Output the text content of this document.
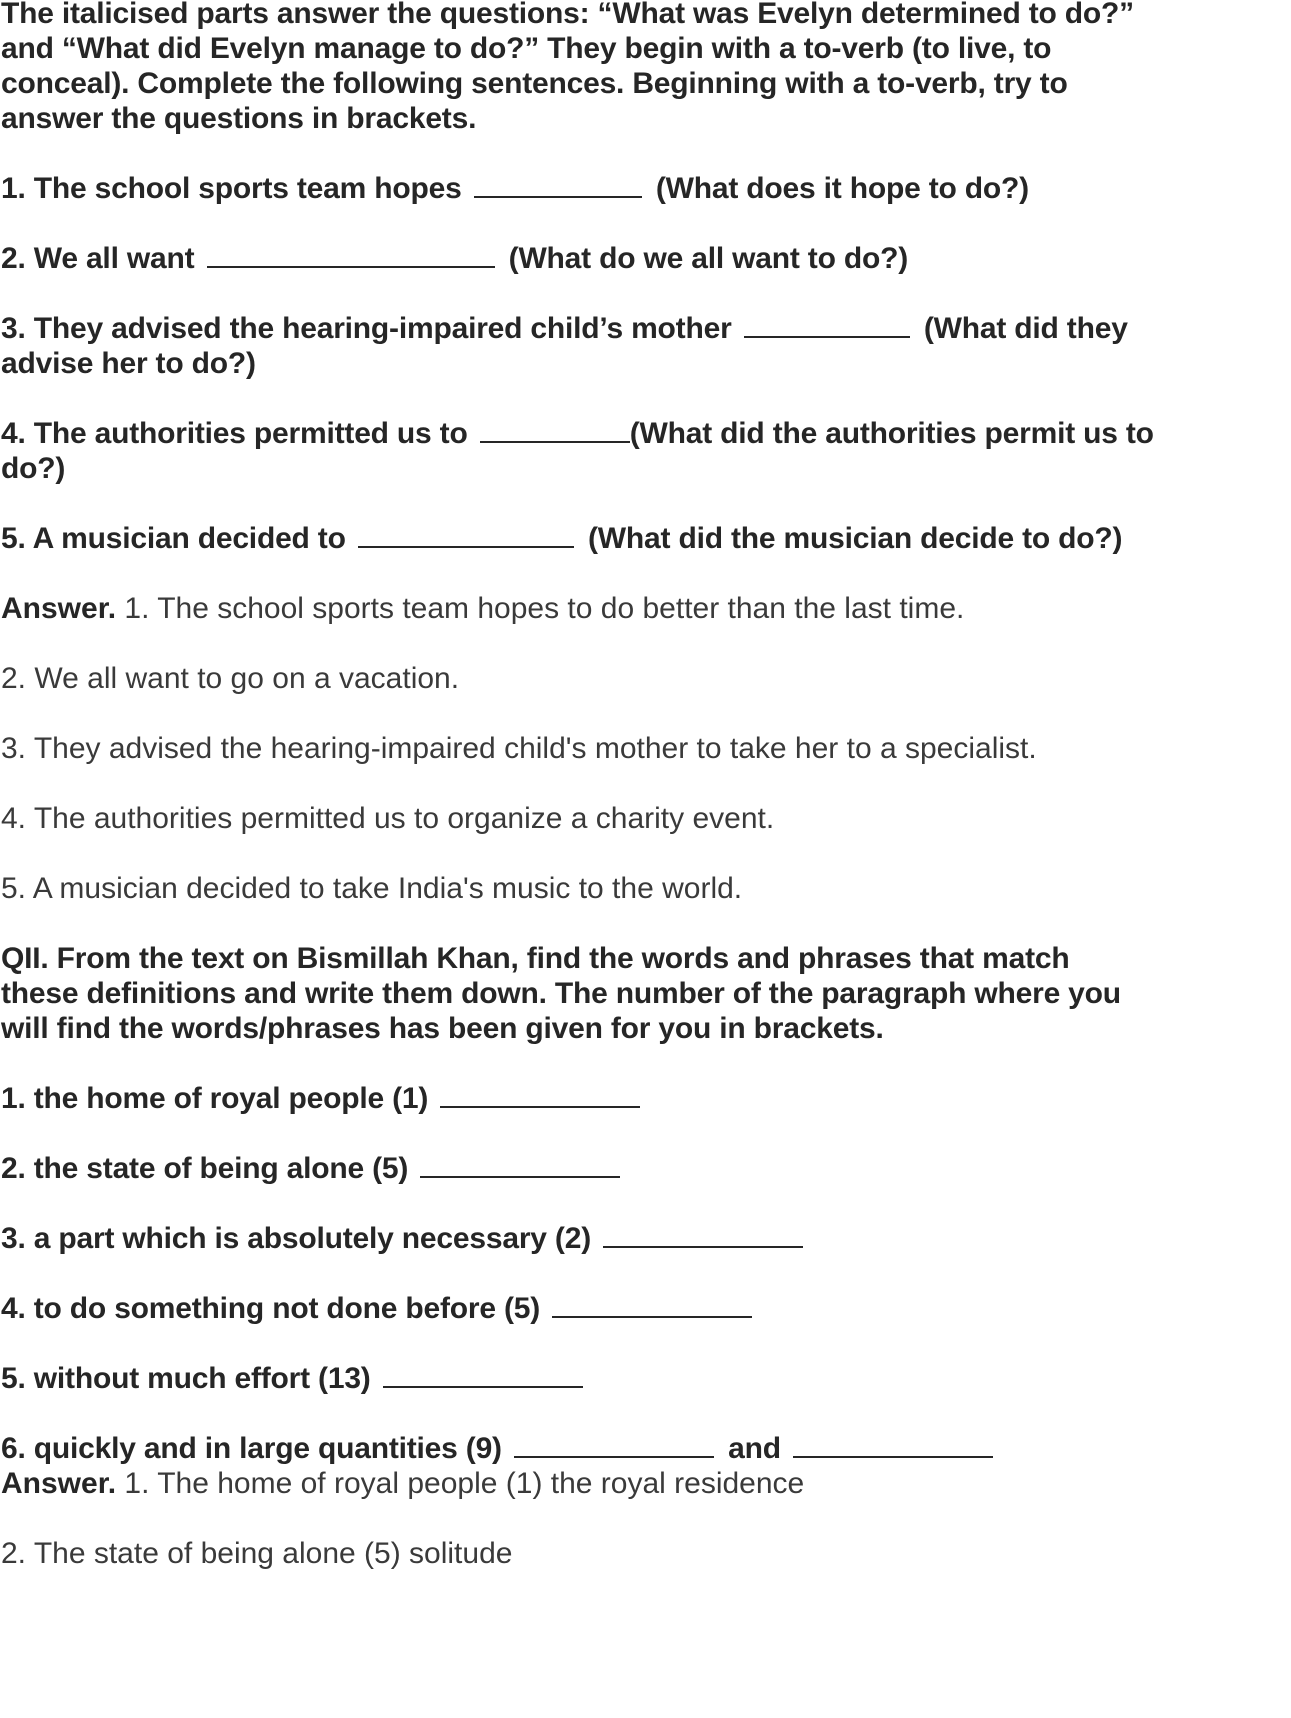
The italicised parts answer the questions: “What was Evelyn determined to do?”
and “What did Evelyn manage to do?” They begin with a to-verb (to live, to
conceal). Complete the following sentences. Beginning with a to-verb, try to
answer the questions in brackets.
1. The school sports team hopes	(What does it hope to do?)
2. We all want	(What do we all want to do?)
3. They advised the hearing-impaired child’s mother	(What did they
advise her to do?)
4. The authorities permitted us to	(What did the authorities permit us to
do?)
5. A musician decided to	(What did the musician decide to do?)
Answer. 1. The school sports team hopes to do better than the last time.
2. We all want to go on a vacation.
3. They advised the hearing-impaired child's mother to take her to a specialist.
4. The authorities permitted us to organize a charity event.
5. A musician decided to take India's music to the world.
QII. From the text on Bismillah Khan, find the words and phrases that match
these definitions and write them down. The number of the paragraph where you
will find the words/phrases has been given for you in brackets.
1. the home of royal people (1)
2. the state of being alone (5)
3. a part which is absolutely necessary (2)
4. to do something not done before (5)
5. without much effort (13)
6. quickly and in large quantities (9)	and
Answer. 1. The home of royal people (1) the royal residence
2. The state of being alone (5) solitude
